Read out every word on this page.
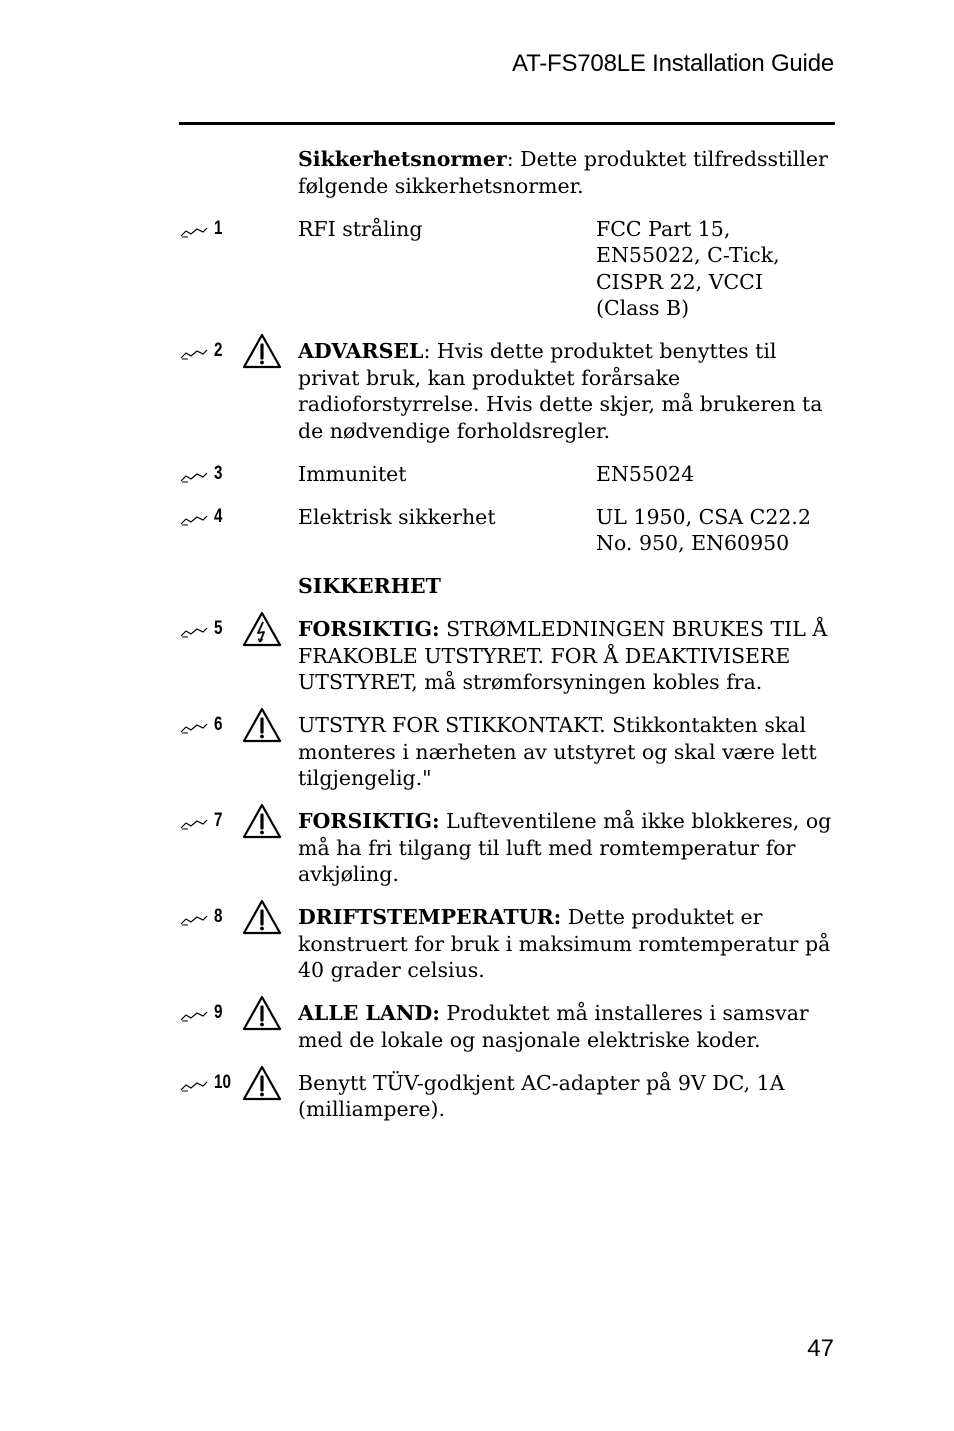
AT-FS708LE Installation Guide
Sikkerhetsnormer: Dette produktet tilfredsstiller følgende sikkerhetsnormer.
1	RFI stråling	FCC Part 15, EN55022, C-Tick, CISPR 22, VCCI (Class B)
2	ADVARSEL: Hvis dette produktet benyttes til privat bruk, kan produktet forårsake radioforstyrrelse. Hvis dette skjer, må brukeren ta de nødvendige forholdsregler.
3	Immunitet	EN55024
4	Elektrisk sikkerhet	UL 1950, CSA C22.2 No. 950, EN60950
SIKKERHET
5	FORSIKTIG: STRØMLEDNINGEN BRUKES TIL Å FRAKOBLE UTSTYRET. FOR Å DEAKTIVISERE UTSTYRET, må strømforsyningen kobles fra.
6	UTSTYR FOR STIKKONTAKT. Stikkontakten skal monteres i nærheten av utstyret og skal være lett tilgjengelig."
7	FORSIKTIG: Lufteventilene må ikke blokkeres, og må ha fri tilgang til luft med romtemperatur for avkjøling.
8	DRIFTSTEMPERATUR: Dette produktet er konstruert for bruk i maksimum romtemperatur på 40 grader celsius.
9	ALLE LAND: Produktet må installeres i samsvar med de lokale og nasjonale elektriske koder.
10	Benytt TÜV-godkjent AC-adapter på 9V DC, 1A (milliampere).
47
